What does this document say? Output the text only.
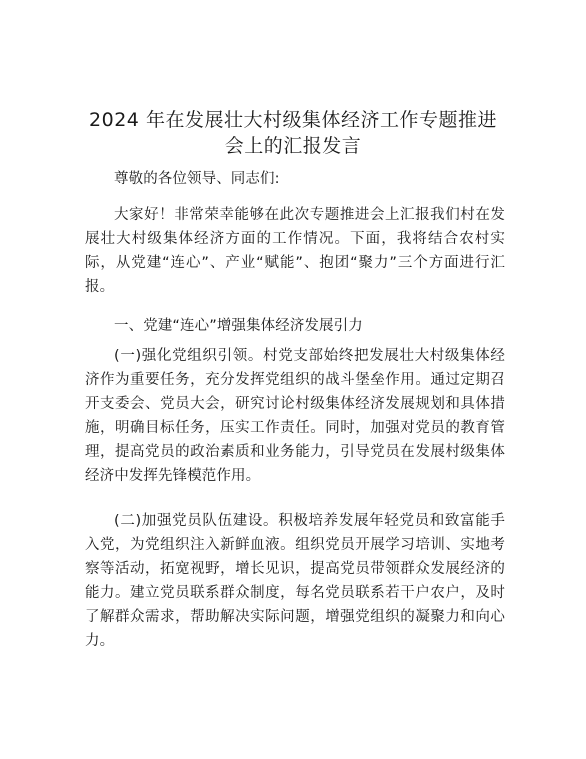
2024 年在发展壮大村级集体经济工作专题推进
会上的汇报发言

尊敬的各位领导、同志们:

大家好！非常荣幸能够在此次专题推进会上汇报我们村在发展壮大村级集体经济方面的工作情况。下面，我将结合农村实际，从党建“连心”、产业“赋能”、抱团“聚力”三个方面进行汇报。

一、党建“连心”增强集体经济发展引力

(一)强化党组织引领。村党支部始终把发展壮大村级集体经济作为重要任务，充分发挥党组织的战斗堡垒作用。通过定期召开支委会、党员大会，研究讨论村级集体经济发展规划和具体措施，明确目标任务，压实工作责任。同时，加强对党员的教育管理，提高党员的政治素质和业务能力，引导党员在发展村级集体经济中发挥先锋模范作用。

(二)加强党员队伍建设。积极培养发展年轻党员和致富能手入党，为党组织注入新鲜血液。组织党员开展学习培训、实地考察等活动，拓宽视野，增长见识，提高党员带领群众发展经济的能力。建立党员联系群众制度，每名党员联系若干户农户，及时了解群众需求，帮助解决实际问题，增强党组织的凝聚力和向心力。
